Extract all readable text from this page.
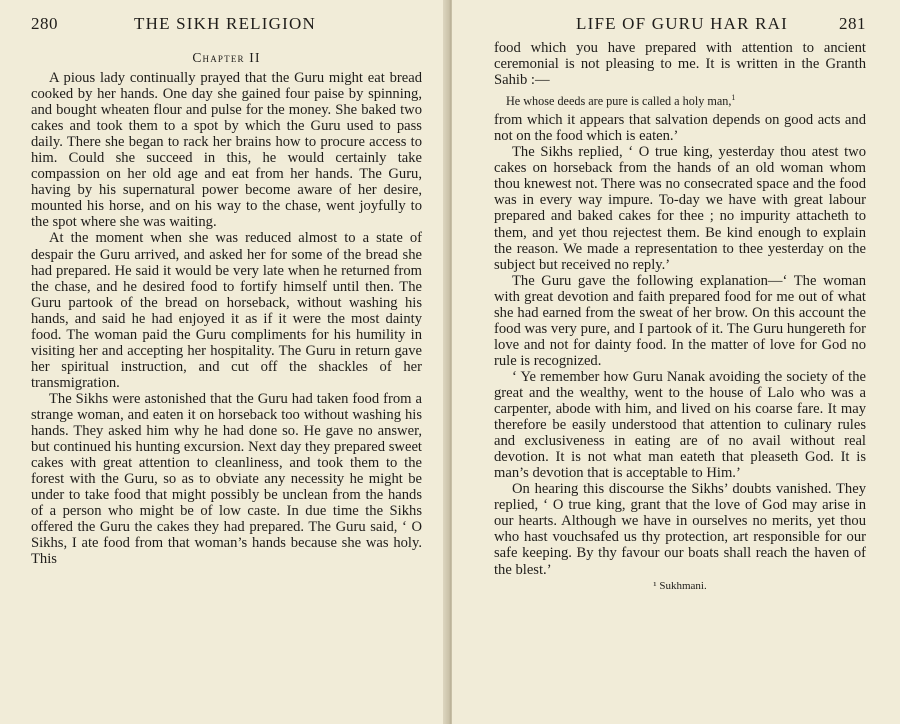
280	THE SIKH RELIGION
Chapter II

A pious lady continually prayed that the Guru might eat bread cooked by her hands. One day she gained four paise by spinning, and bought wheaten flour and pulse for the money. She baked two cakes and took them to a spot by which the Guru used to pass daily. There she began to rack her brains how to procure access to him. Could she succeed in this, he would certainly take compassion on her old age and eat from her hands. The Guru, having by his supernatural power become aware of her desire, mounted his horse, and on his way to the chase, went joyfully to the spot where she was waiting.

At the moment when she was reduced almost to a state of despair the Guru arrived, and asked her for some of the bread she had prepared. He said it would be very late when he returned from the chase, and he desired food to fortify himself until then. The Guru partook of the bread on horseback, without washing his hands, and said he had enjoyed it as if it were the most dainty food. The woman paid the Guru compliments for his humility in visiting her and accepting her hospitality. The Guru in return gave her spiritual instruction, and cut off the shackles of her transmigration.

The Sikhs were astonished that the Guru had taken food from a strange woman, and eaten it on horseback too without washing his hands. They asked him why he had done so. He gave no answer, but continued his hunting excursion. Next day they prepared sweet cakes with great attention to cleanliness, and took them to the forest with the Guru, so as to obviate any necessity he might be under to take food that might possibly be unclean from the hands of a person who might be of low caste. In due time the Sikhs offered the Guru the cakes they had prepared. The Guru said, ‘ O Sikhs, I ate food from that woman’s hands because she was holy. This

LIFE OF GURU HAR RAI	281

food which you have prepared with attention to ancient ceremonial is not pleasing to me. It is written in the Granth Sahib :—

He whose deeds are pure is called a holy man,$^1$

from which it appears that salvation depends on good acts and not on the food which is eaten.’

The Sikhs replied, ‘ O true king, yesterday thou atest two cakes on horseback from the hands of an old woman whom thou knewest not. There was no consecrated space and the food was in every way impure. To-day we have with great labour prepared and baked cakes for thee ; no impurity attacheth to them, and yet thou rejectest them. Be kind enough to explain the reason. We made a representation to thee yesterday on the subject but received no reply.’

The Guru gave the following explanation—‘ The woman with great devotion and faith prepared food for me out of what she had earned from the sweat of her brow. On this account the food was very pure, and I partook of it. The Guru hungereth for love and not for dainty food. In the matter of love for God no rule is recognized.

‘ Ye remember how Guru Nanak avoiding the society of the great and the wealthy, went to the house of Lalo who was a carpenter, abode with him, and lived on his coarse fare. It may therefore be easily understood that attention to culinary rules and exclusiveness in eating are of no avail without real devotion. It is not what man eateth that pleaseth God. It is man’s devotion that is acceptable to Him.’

On hearing this discourse the Sikhs’ doubts vanished. They replied, ‘ O true king, grant that the love of God may arise in our hearts. Although we have in ourselves no merits, yet thou who hast vouchsafed us thy protection, art responsible for our safe keeping. By thy favour our boats shall reach the haven of the blest.’

¹ Sukhmani.
